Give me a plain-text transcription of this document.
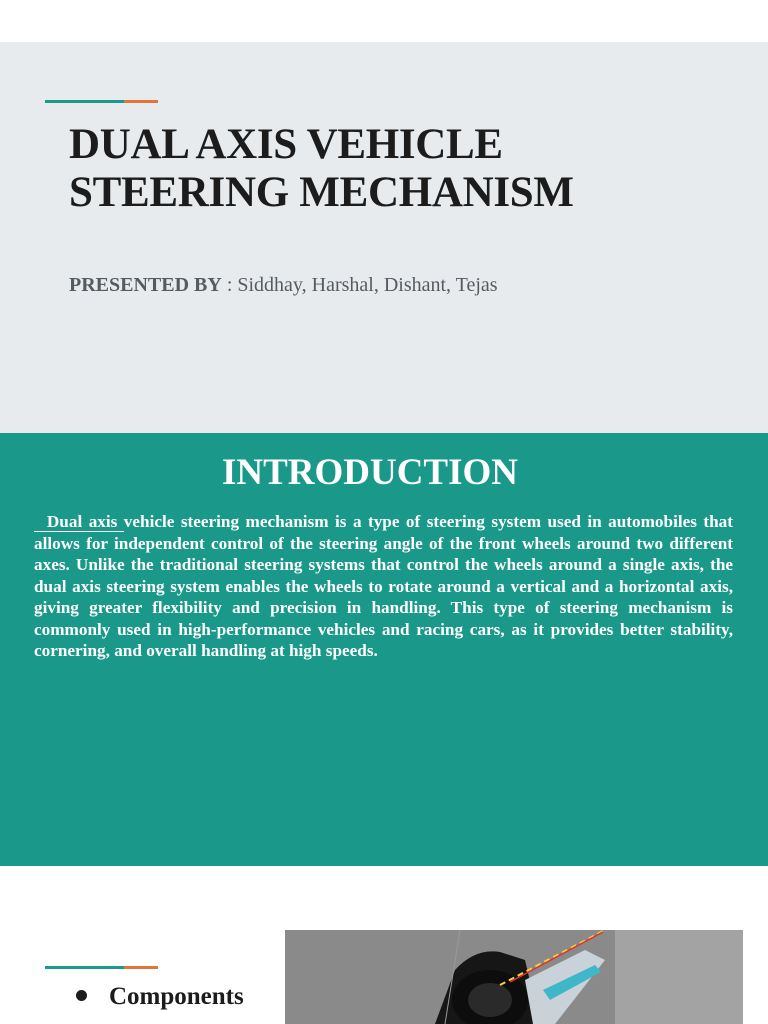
DUAL AXIS VEHICLE
STEERING MECHANISM
PRESENTED BY : Siddhay, Harshal, Dishant, Tejas
INTRODUCTION
Dual axis vehicle steering mechanism is a type of steering system used in automobiles that allows for independent control of the steering angle of the front wheels around two different axes. Unlike the traditional steering systems that control the wheels around a single axis, the dual axis steering system enables the wheels to rotate around a vertical and a horizontal axis, giving greater flexibility and precision in handling. This type of steering mechanism is commonly used in high-performance vehicles and racing cars, as it provides better stability, cornering, and overall handling at high speeds.
Components
